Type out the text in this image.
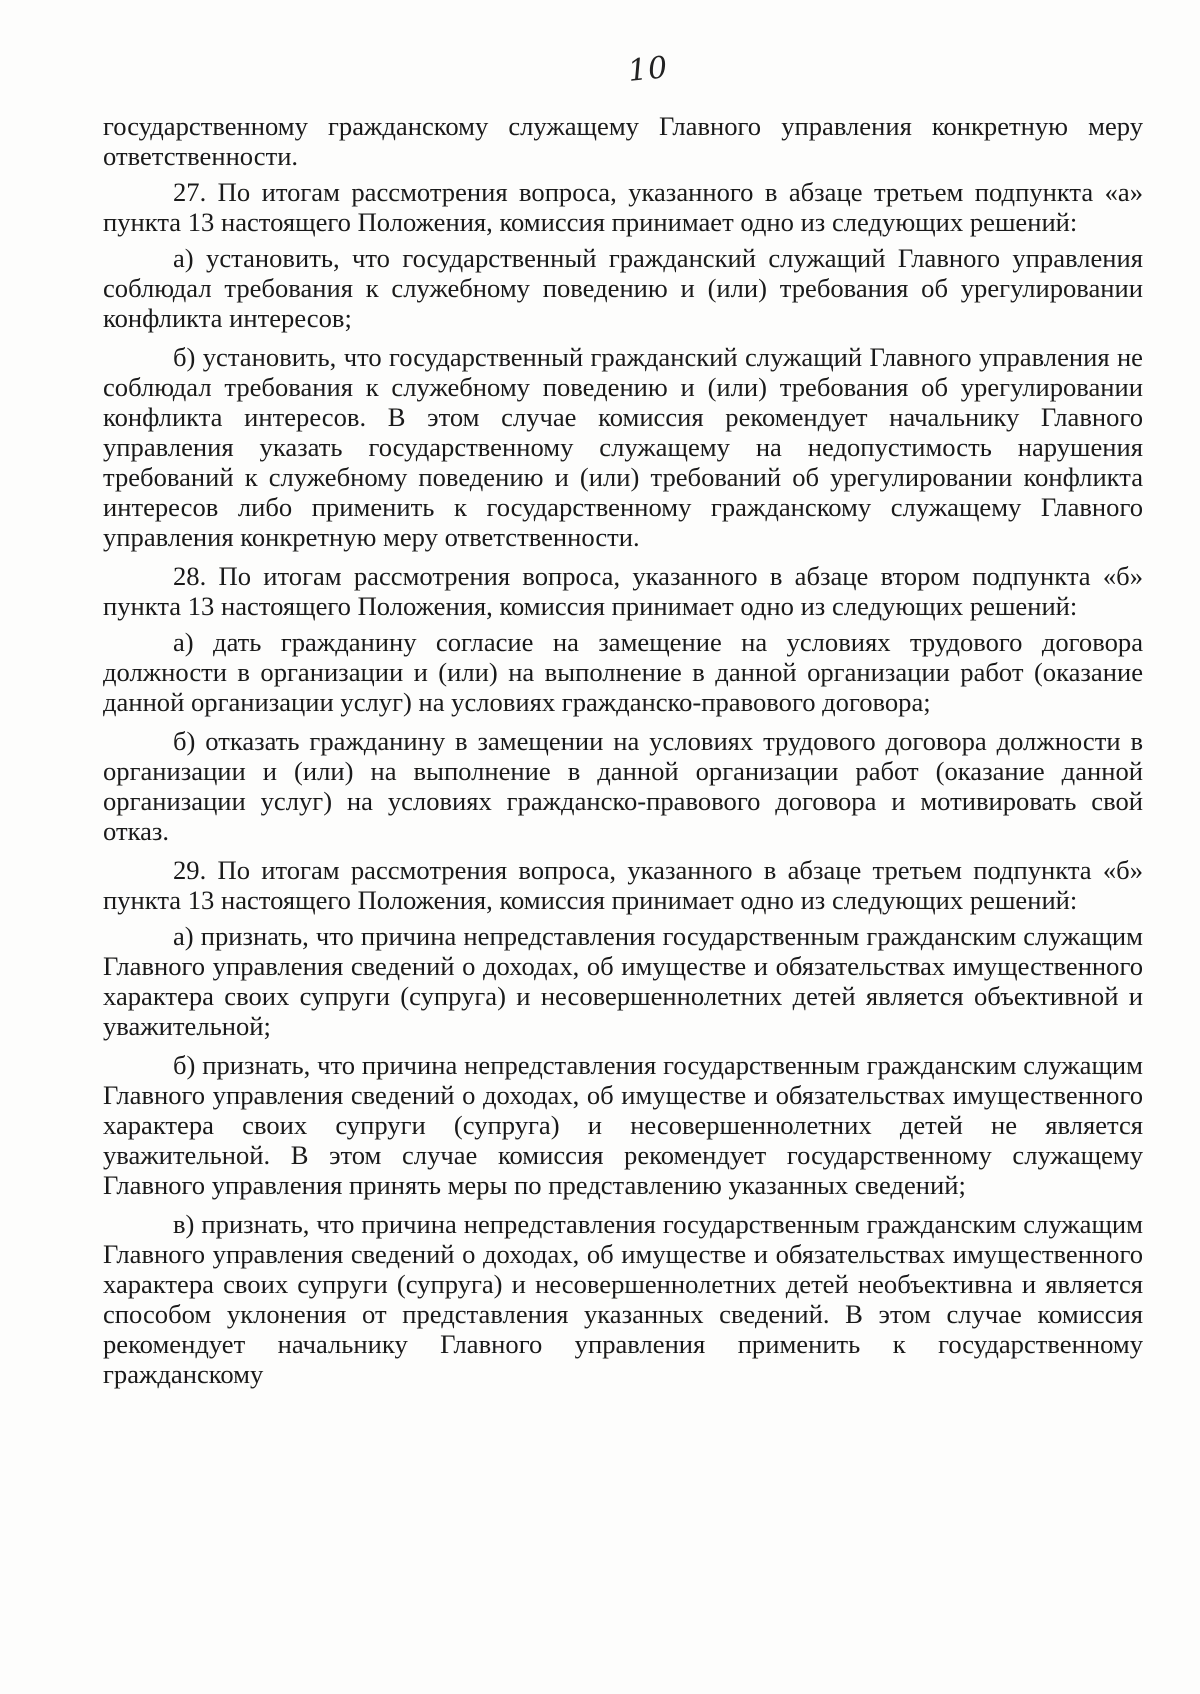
10

государственному гражданскому служащему Главного управления конкретную меру ответственности.

27. По итогам рассмотрения вопроса, указанного в абзаце третьем подпункта «а» пункта 13 настоящего Положения, комиссия принимает одно из следующих решений:

а) установить, что государственный гражданский служащий Главного управления соблюдал требования к служебному поведению и (или) требования об урегулировании конфликта интересов;

б) установить, что государственный гражданский служащий Главного управления не соблюдал требования к служебному поведению и (или) требования об урегулировании конфликта интересов. В этом случае комиссия рекомендует начальнику Главного управления указать государственному служащему на недопустимость нарушения требований к служебному поведению и (или) требований об урегулировании конфликта интересов либо применить к государственному гражданскому служащему Главного управления конкретную меру ответственности.

28. По итогам рассмотрения вопроса, указанного в абзаце втором подпункта «б» пункта 13 настоящего Положения, комиссия принимает одно из следующих решений:

а) дать гражданину согласие на замещение на условиях трудового договора должности в организации и (или) на выполнение в данной организации работ (оказание данной организации услуг) на условиях гражданско-правового договора;

б) отказать гражданину в замещении на условиях трудового договора должности в организации и (или) на выполнение в данной организации работ (оказание данной организации услуг) на условиях гражданско-правового договора и мотивировать свой отказ.

29. По итогам рассмотрения вопроса, указанного в абзаце третьем подпункта «б» пункта 13 настоящего Положения, комиссия принимает одно из следующих решений:

а) признать, что причина непредставления государственным гражданским служащим Главного управления сведений о доходах, об имуществе и обязательствах имущественного характера своих супруги (супруга) и несовершеннолетних детей является объективной и уважительной;

б) признать, что причина непредставления государственным гражданским служащим Главного управления сведений о доходах, об имуществе и обязательствах имущественного характера своих супруги (супруга) и несовершеннолетних детей не является уважительной. В этом случае комиссия рекомендует государственному служащему Главного управления принять меры по представлению указанных сведений;

в) признать, что причина непредставления государственным гражданским служащим Главного управления сведений о доходах, об имуществе и обязательствах имущественного характера своих супруги (супруга) и несовершеннолетних детей необъективна и является способом уклонения от представления указанных сведений. В этом случае комиссия рекомендует начальнику Главного управления применить к государственному гражданскому
